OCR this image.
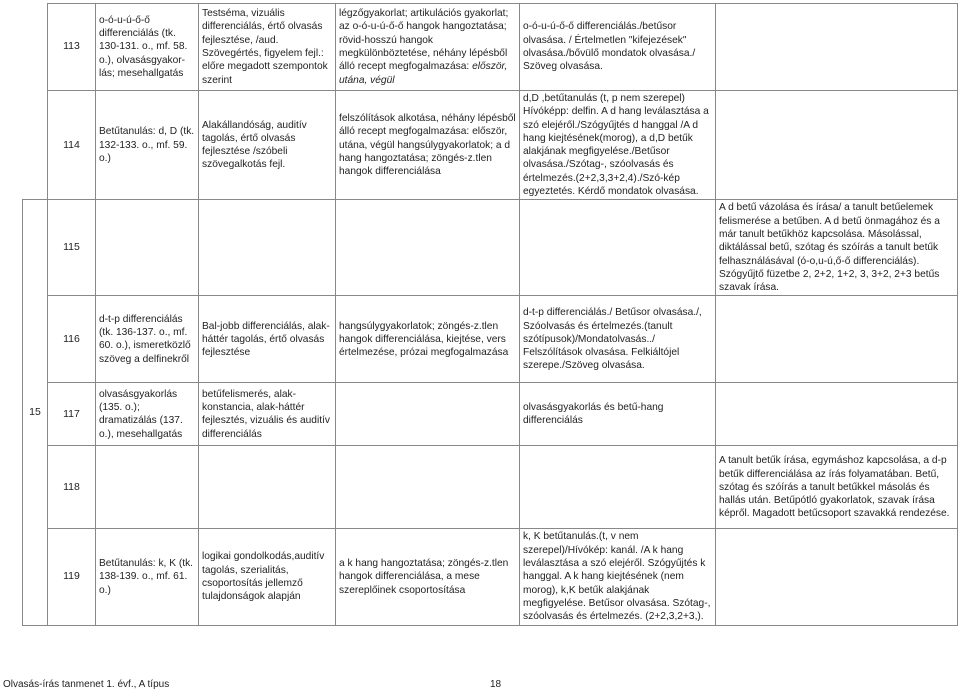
	113	o-ó-u-ú-ő-ő differenciálás (tk. 130-131. o., mf. 58. o.), olvasásgyakor-lás; mesehallgatás	Testséma, vizuális differenciálás, értő olvasás fejlesztése, /aud. Szövegértés, figyelem fejl.: előre megadott szempontok szerint	légzőgyakorlat; artikulációs gyakorlat; az o-ó-u-ú-ő-ő hangok hangoztatása; rövid-hosszú hangok megkülönböztetése, néhány lépésből álló recept megfogalmazása: először, utána, végül	o-ó-u-ú-ő-ő differenciálás./betűsor olvasása. / Értelmetlen "kifejezések" olvasása./bővülő mondatok olvasása./ Szöveg olvasása.	
	114	Betűtanulás: d, D (tk. 132-133. o., mf. 59. o.)	Alakállandóság, auditív tagolás, értő olvasás fejlesztése /szóbeli szövegalkotás fejl.	felszólítások alkotása, néhány lépésből álló recept megfogalmazása: először, utána, végül hangsúlygyakorlatok; a d hang hangoztatása; zöngés-z.tlen hangok differenciálása	d,D ,betűtanulás (t, p nem szerepel) Hívóképp: delfin. A d hang leválasztása a szó elejéről./Szógyűjtés d hanggal /A d hang kiejtésének(morog), a d,D betűk alakjának megfigyelése./Betűsor olvasása./Szótag-, szóolvasás és értelmezés.(2+2,3,3+2,4)./Szó-kép egyeztetés. Kérdő mondatok olvasása.	
15	115					A d betű vázolása és írása/ a tanult betűelemek felismerése a betűben. A d betű önmagához és a már tanult betűkhöz kapcsolása. Másolással, diktálással betű, szótag és szóírás a tanult betűk felhasználásával (ó-o,u-ú,ő-ő differenciálás). Szógyűjtő füzetbe 2, 2+2, 1+2, 3, 3+2, 2+3 betűs szavak írása.
	116	d-t-p differenciálás (tk. 136-137. o., mf. 60. o.), ismeretközlő szöveg a delfinekről	Bal-jobb differenciálás, alak-háttér tagolás, értő olvasás fejlesztése	hangsúlygyakorlatok; zöngés-z.tlen hangok differenciálása, kiejtése, vers értelmezése, prózai megfogalmazása	d-t-p differenciálás./ Betűsor olvasása./, Szóolvasás és értelmezés.(tanult szótípusok)/Mondatolvasás../ Felszólítások olvasása. Felkiáltójel szerepe./Szöveg olvasása.	
	117	olvasásgyakorlás (135. o.); dramatizálás (137. o.), mesehallgatás	betűfelismerés, alak-konstancia, alak-háttér fejlesztés, vizuális és auditív differenciálás		olvasásgyakorlás és betű-hang differenciálás	
	118					A tanult betűk írása, egymáshoz kapcsolása, a d-p betűk differenciálása az írás folyamatában. Betű, szótag és szóírás a tanult betűkkel másolás és hallás után. Betűpótló gyakorlatok, szavak írása képről. Magadott betűcsoport szavakká rendezése.
	119	Betűtanulás: k, K (tk. 138-139. o., mf. 61. o.)	logikai gondolkodás,auditív tagolás, szerialitás, csoportosítás jellemző tulajdonságok alapján	a k hang hangoztatása; zöngés-z.tlen hangok differenciálása, a mese szereplőinek csoportosítása	k, K betűtanulás.(t, v nem szerepel)/Hívókép: kanál. /A k hang leválasztása a szó elejéről. Szógyűjtés k hanggal. A k hang kiejtésének (nem morog), k,K betűk alakjának megfigyelése. Betűsor olvasása. Szótag-, szóolvasás és értelmezés. (2+2,3,2+3,).	
Olvasás-írás tanmenet 1. évf., A típus	18
